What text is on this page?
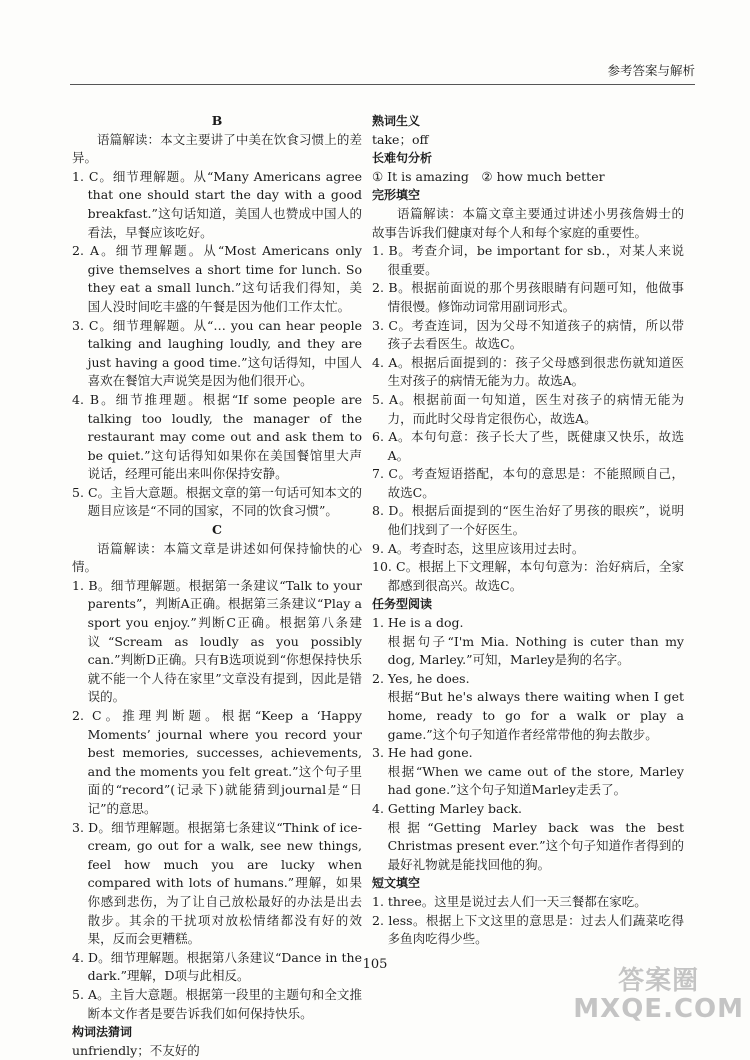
参考答案与解析

B

语篇解读：本文主要讲了中美在饮食习惯上的差异。

1. C。细节理解题。从“Many Americans agree that one should start the day with a good breakfast.”这句话知道，美国人也赞成中国人的看法，早餐应该吃好。

2. A。细节理解题。从“Most Americans only give themselves a short time for lunch. So they eat a small lunch.”这句话我们得知，美国人没时间吃丰盛的午餐是因为他们工作太忙。

3. C。细节理解题。从“… you can hear people talking and laughing loudly, and they are just having a good time.”这句话得知，中国人喜欢在餐馆大声说笑是因为他们很开心。

4. B。细节推理题。根据“If some people are talking too loudly, the manager of the restaurant may come out and ask them to be quiet.”这句话得知如果你在美国餐馆里大声说话，经理可能出来叫你保持安静。

5. C。主旨大意题。根据文章的第一句话可知本文的题目应该是“不同的国家，不同的饮食习惯”。

C

语篇解读：本篇文章是讲述如何保持愉快的心情。

1. B。细节理解题。根据第一条建议“Talk to your parents”，判断A正确。根据第三条建议“Play a sport you enjoy.”判断C正确。根据第八条建议“Scream as loudly as you possibly can.”判断D正确。只有B选项说到“你想保持快乐就不能一个人待在家里”文章没有提到，因此是错误的。

2. C。推理判断题。根据“Keep a ‘Happy Moments’ journal where you record your best memories, successes, achievements, and the moments you felt great.”这个句子里面的“record”(记录下)就能猜到journal是“日记”的意思。

3. D。细节理解题。根据第七条建议“Think of ice-cream, go out for a walk, see new things, feel how much you are lucky when compared with lots of humans.”理解，如果你感到悲伤，为了让自己放松最好的办法是出去散步。其余的干扰项对放松情绪都没有好的效果，反而会更糟糕。

4. D。细节理解题。根据第八条建议“Dance in the dark.”理解，D项与此相反。

5. A。主旨大意题。根据第一段里的主题句和全文推断本文作者是要告诉我们如何保持快乐。

构词法猜词

unfriendly；不友好的

熟词生义

take；off

长难句分析

① It is amazing　② how much better

完形填空

语篇解读：本篇文章主要通过讲述小男孩詹姆士的故事告诉我们健康对每个人和每个家庭的重要性。

1. B。考查介词，be important for sb.，对某人来说很重要。

2. B。根据前面说的那个男孩眼睛有问题可知，他做事情很慢。修饰动词常用副词形式。

3. C。考查连词，因为父母不知道孩子的病情，所以带孩子去看医生。故选C。

4. A。根据后面提到的：孩子父母感到很悲伤就知道医生对孩子的病情无能为力。故选A。

5. A。根据前面一句知道，医生对孩子的病情无能为力，而此时父母肯定很伤心，故选A。

6. A。本句句意：孩子长大了些，既健康又快乐，故选A。

7. C。考查短语搭配，本句的意思是：不能照顾自己，故选C。

8. D。根据后面提到的“医生治好了男孩的眼疾”，说明他们找到了一个好医生。

9. A。考查时态，这里应该用过去时。

10. C。根据上下文理解，本句句意为：治好病后，全家都感到很高兴。故选C。

任务型阅读

1. He is a dog.

根据句子“I'm Mia. Nothing is cuter than my dog, Marley.”可知，Marley是狗的名字。

2. Yes, he does.

根据“But he's always there waiting when I get home, ready to go for a walk or play a game.”这个句子知道作者经常带他的狗去散步。

3. He had gone.

根据“When we came out of the store, Marley had gone.”这个句子知道Marley走丢了。

4. Getting Marley back.

根据“Getting Marley back was the best Christmas present ever.”这个句子知道作者得到的最好礼物就是能找回他的狗。

短文填空

1. three。这里是说过去人们一天三餐都在家吃。

2. less。根据上下文这里的意思是：过去人们蔬菜吃得多鱼肉吃得少些。

105
答案圈
MXQE.COM
